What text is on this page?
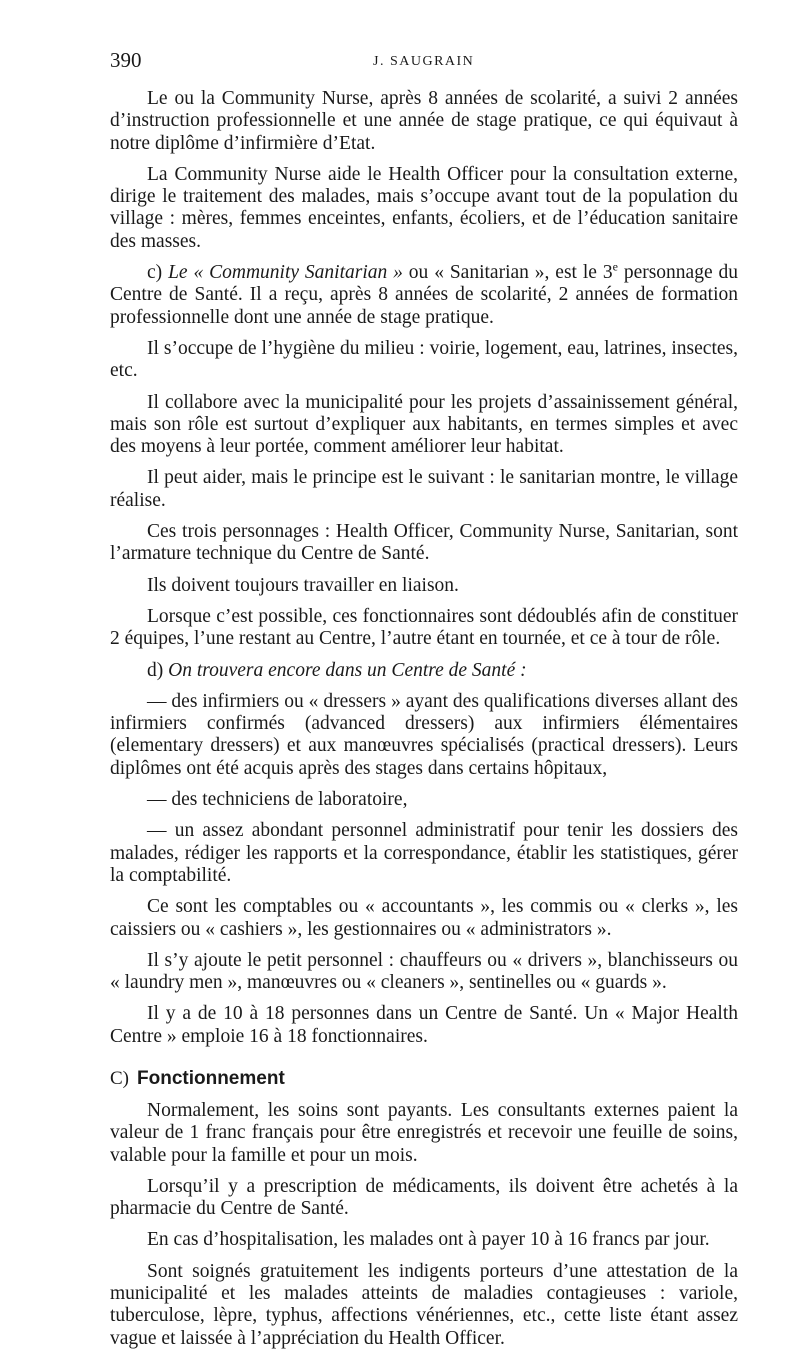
390	J. SAUGRAIN

Le ou la Community Nurse, après 8 années de scolarité, a suivi 2 années d’instruction professionnelle et une année de stage pratique, ce qui équivaut à notre diplôme d’infirmière d’Etat.

La Community Nurse aide le Health Officer pour la consultation externe, dirige le traitement des malades, mais s’occupe avant tout de la population du village : mères, femmes enceintes, enfants, écoliers, et de l’éducation sanitaire des masses.

c) Le « Community Sanitarian » ou « Sanitarian », est le 3e personnage du Centre de Santé. Il a reçu, après 8 années de scolarité, 2 années de formation professionnelle dont une année de stage pratique.

Il s’occupe de l’hygiène du milieu : voirie, logement, eau, latrines, insectes, etc.

Il collabore avec la municipalité pour les projets d’assainissement général, mais son rôle est surtout d’expliquer aux habitants, en termes simples et avec des moyens à leur portée, comment améliorer leur habitat.

Il peut aider, mais le principe est le suivant : le sanitarian montre, le village réalise.

Ces trois personnages : Health Officer, Community Nurse, Sanitarian, sont l’armature technique du Centre de Santé.

Ils doivent toujours travailler en liaison.

Lorsque c’est possible, ces fonctionnaires sont dédoublés afin de constituer 2 équipes, l’une restant au Centre, l’autre étant en tournée, et ce à tour de rôle.

d) On trouvera encore dans un Centre de Santé :

— des infirmiers ou « dressers » ayant des qualifications diverses allant des infirmiers confirmés (advanced dressers) aux infirmiers élémentaires (elementary dressers) et aux manœuvres spécialisés (practical dressers). Leurs diplômes ont été acquis après des stages dans certains hôpitaux,

— des techniciens de laboratoire,

— un assez abondant personnel administratif pour tenir les dossiers des malades, rédiger les rapports et la correspondance, établir les statistiques, gérer la comptabilité.

Ce sont les comptables ou « accountants », les commis ou « clerks », les caissiers ou « cashiers », les gestionnaires ou « administrators ».

Il s’y ajoute le petit personnel : chauffeurs ou « drivers », blanchisseurs ou « laundry men », manœuvres ou « cleaners », sentinelles ou « guards ».

Il y a de 10 à 18 personnes dans un Centre de Santé. Un « Major Health Centre » emploie 16 à 18 fonctionnaires.

C) Fonctionnement

Normalement, les soins sont payants. Les consultants externes paient la valeur de 1 franc français pour être enregistrés et recevoir une feuille de soins, valable pour la famille et pour un mois.

Lorsqu’il y a prescription de médicaments, ils doivent être achetés à la pharmacie du Centre de Santé.

En cas d’hospitalisation, les malades ont à payer 10 à 16 francs par jour.

Sont soignés gratuitement les indigents porteurs d’une attestation de la municipalité et les malades atteints de maladies contagieuses : variole, tuberculose, lèpre, typhus, affections vénériennes, etc., cette liste étant assez vague et laissée à l’appréciation du Health Officer.
